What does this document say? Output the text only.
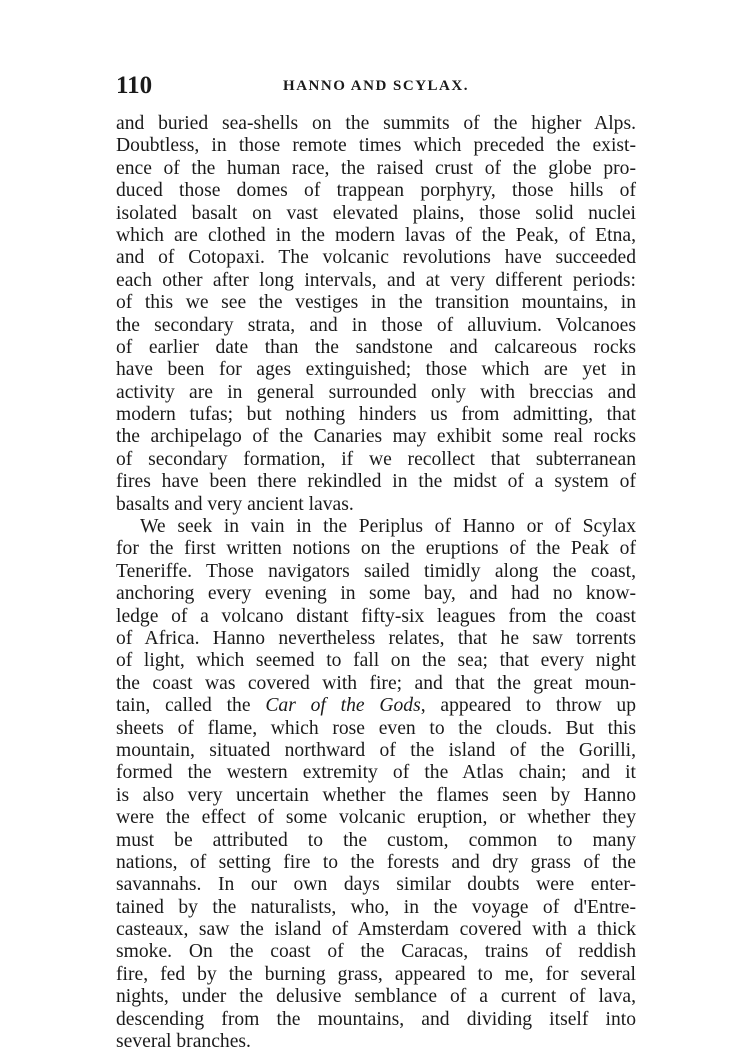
110	HANNO AND SCYLAX.
and buried sea-shells on the summits of the higher Alps.
Doubtless, in those remote times which preceded the exist-
ence of the human race, the raised crust of the globe pro-
duced those domes of trappean porphyry, those hills of
isolated basalt on vast elevated plains, those solid nuclei
which are clothed in the modern lavas of the Peak, of Etna,
and of Cotopaxi. The volcanic revolutions have succeeded
each other after long intervals, and at very different periods:
of this we see the vestiges in the transition mountains, in
the secondary strata, and in those of alluvium. Volcanoes
of earlier date than the sandstone and calcareous rocks
have been for ages extinguished; those which are yet in
activity are in general surrounded only with breccias and
modern tufas; but nothing hinders us from admitting, that
the archipelago of the Canaries may exhibit some real rocks
of secondary formation, if we recollect that subterranean
fires have been there rekindled in the midst of a system of
basalts and very ancient lavas.
We seek in vain in the Periplus of Hanno or of Scylax
for the first written notions on the eruptions of the Peak of
Teneriffe. Those navigators sailed timidly along the coast,
anchoring every evening in some bay, and had no know-
ledge of a volcano distant fifty-six leagues from the coast
of Africa. Hanno nevertheless relates, that he saw torrents
of light, which seemed to fall on the sea; that every night
the coast was covered with fire; and that the great moun-
tain, called the Car of the Gods, appeared to throw up
sheets of flame, which rose even to the clouds. But this
mountain, situated northward of the island of the Gorilli,
formed the western extremity of the Atlas chain; and it
is also very uncertain whether the flames seen by Hanno
were the effect of some volcanic eruption, or whether they
must be attributed to the custom, common to many
nations, of setting fire to the forests and dry grass of the
savannahs. In our own days similar doubts were enter-
tained by the naturalists, who, in the voyage of d'Entre-
casteaux, saw the island of Amsterdam covered with a thick
smoke. On the coast of the Caracas, trains of reddish
fire, fed by the burning grass, appeared to me, for several
nights, under the delusive semblance of a current of lava,
descending from the mountains, and dividing itself into
several branches.
